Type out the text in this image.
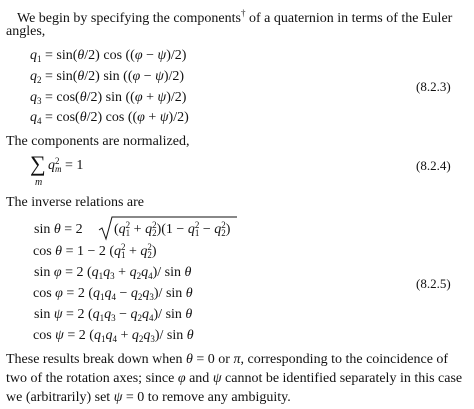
We begin by specifying the components† of a quaternion in terms of the Euler
angles,
$q_1 = \sin(\theta/2)$ cos ((φ − ψ)/2)
$q_2 = \sin(\theta/2)$ sin ((φ − ψ)/2)
$q_3 = \cos(\theta/2)$ sin ((φ + ψ)/2)
$q_4 = \cos(\theta/2)$ cos ((φ + ψ)/2)
(8.2.3)
The components are normalized,
∑
m
q 2
m = 1	(8.2.4)
The inverse relations are
sin θ = 2 (q 2
1 + q 2
2 )(1 − q 2
1 − q 2
2 )
cos θ = 1 − 2 (q 2
1 + q 2
2 )
sin φ = 2 $(q_1q_3 + q_2q_4)/$ sin θ
cos φ = 2 $(q_1q_4 - q_2q_3)/$ sin θ
sin ψ = 2 $(q_1q_3 - q_2q_4)/$ sin θ
cos ψ = 2 $(q_1q_4 + q_2q_3)/$ sin θ
(8.2.5)
These results break down when θ = 0 or π, corresponding to the coincidence of
two of the rotation axes; since φ and ψ cannot be identified separately in this case
we (arbitrarily) set ψ = 0 to remove any ambiguity.
